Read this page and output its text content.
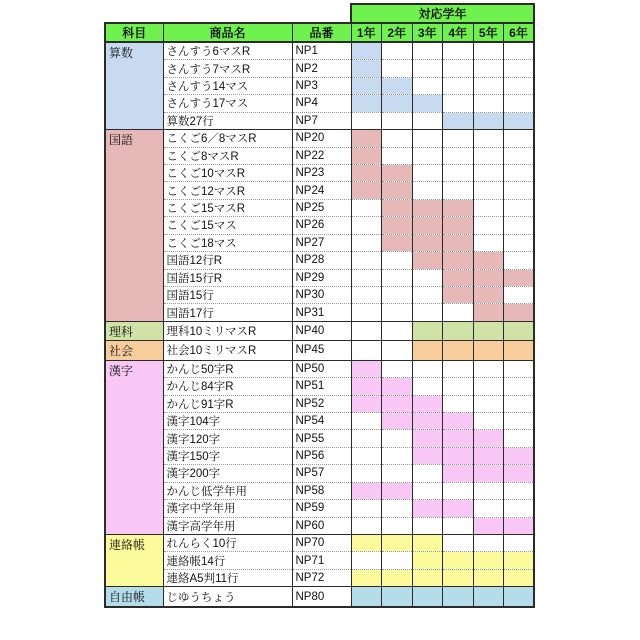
			対応学年					
科目	商品名	品番	1年	2年	3年	4年	5年	6年
算数	さんすう6マスR	NP1						
	さんすう7マスR	NP2						
	さんすう14マス	NP3						
	さんすう17マス	NP4						
	算数27行	NP7						
国語	こくご6／8マスR	NP20						
	こくご8マスR	NP22						
	こくご10マスR	NP23						
	こくご12マスR	NP24						
	こくご15マスR	NP25						
	こくご15マス	NP26						
	こくご18マス	NP27						
	国語12行R	NP28						
	国語15行R	NP29						
	国語15行	NP30						
	国語17行	NP31						
理科	理科10ミリマスR	NP40						
社会	社会10ミリマスR	NP45						
漢字	かんじ50字R	NP50						
	かんじ84字R	NP51						
	かんじ91字R	NP52						
	漢字104字	NP54						
	漢字120字	NP55						
	漢字150字	NP56						
	漢字200字	NP57						
	かんじ低学年用	NP58						
	漢字中学年用	NP59						
	漢字高学年用	NP60						
連絡帳	れんらく10行	NP70						
	連絡帳14行	NP71						
	連絡A5判11行	NP72						
自由帳	じゆうちょう	NP80						
